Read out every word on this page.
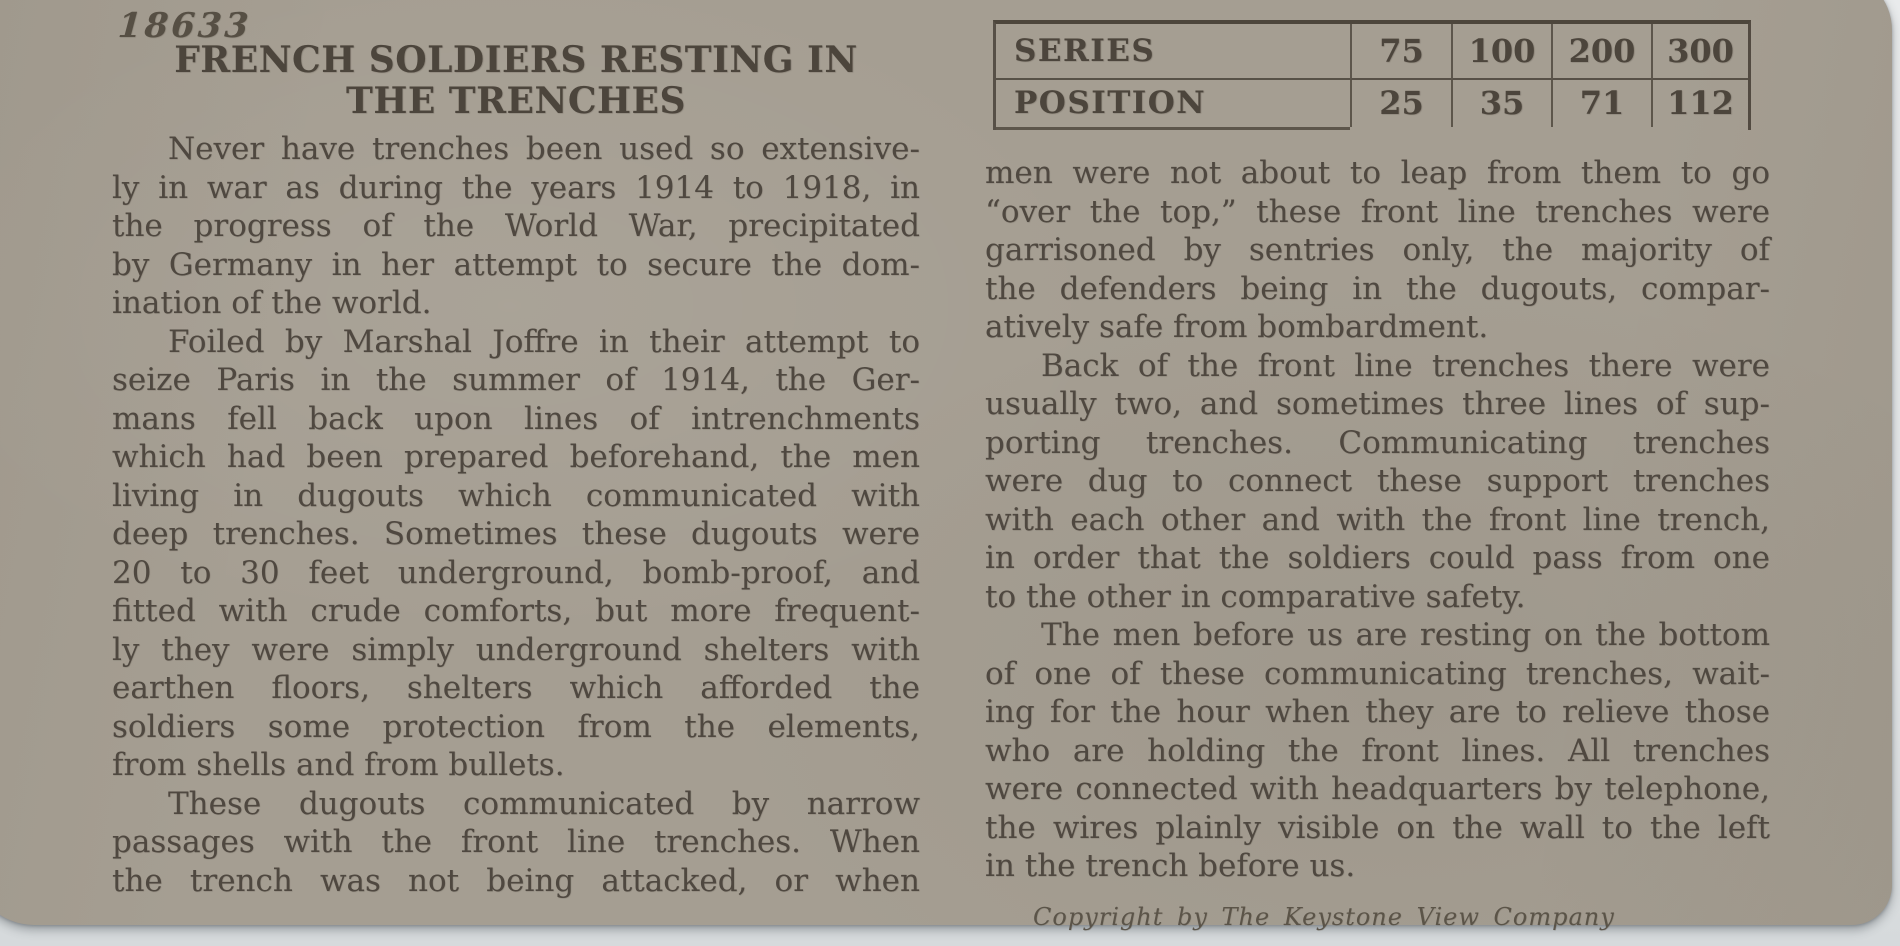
18633
FRENCH SOLDIERS RESTING IN
THE TRENCHES
Never have trenches been used so extensive-
ly in war as during the years 1914 to 1918, in
the progress of the World War, precipitated
by Germany in her attempt to secure the dom-
ination of the world.
Foiled by Marshal Joffre in their attempt to
seize Paris in the summer of 1914, the Ger-
mans fell back upon lines of intrenchments
which had been prepared beforehand, the men
living in dugouts which communicated with
deep trenches. Sometimes these dugouts were
20 to 30 feet underground, bomb-proof, and
fitted with crude comforts, but more frequent-
ly they were simply underground shelters with
earthen floors, shelters which afforded the
soldiers some protection from the elements,
from shells and from bullets.
These dugouts communicated by narrow
passages with the front line trenches. When
the trench was not being attacked, or when
SERIES	75	100	200 300
POSITION	25	35	71	112
men were not about to leap from them to go
“over the top,” these front line trenches were
garrisoned by sentries only, the majority of
the defenders being in the dugouts, compar-
atively safe from bombardment.
Back of the front line trenches there were
usually two, and sometimes three lines of sup-
porting trenches. Communicating trenches
were dug to connect these support trenches
with each other and with the front line trench,
in order that the soldiers could pass from one
to the other in comparative safety.
The men before us are resting on the bottom
of one of these communicating trenches, wait-
ing for the hour when they are to relieve those
who are holding the front lines. All trenches
were connected with headquarters by telephone,
the wires plainly visible on the wall to the left
in the trench before us.
Copyright by The Keystone View Company
